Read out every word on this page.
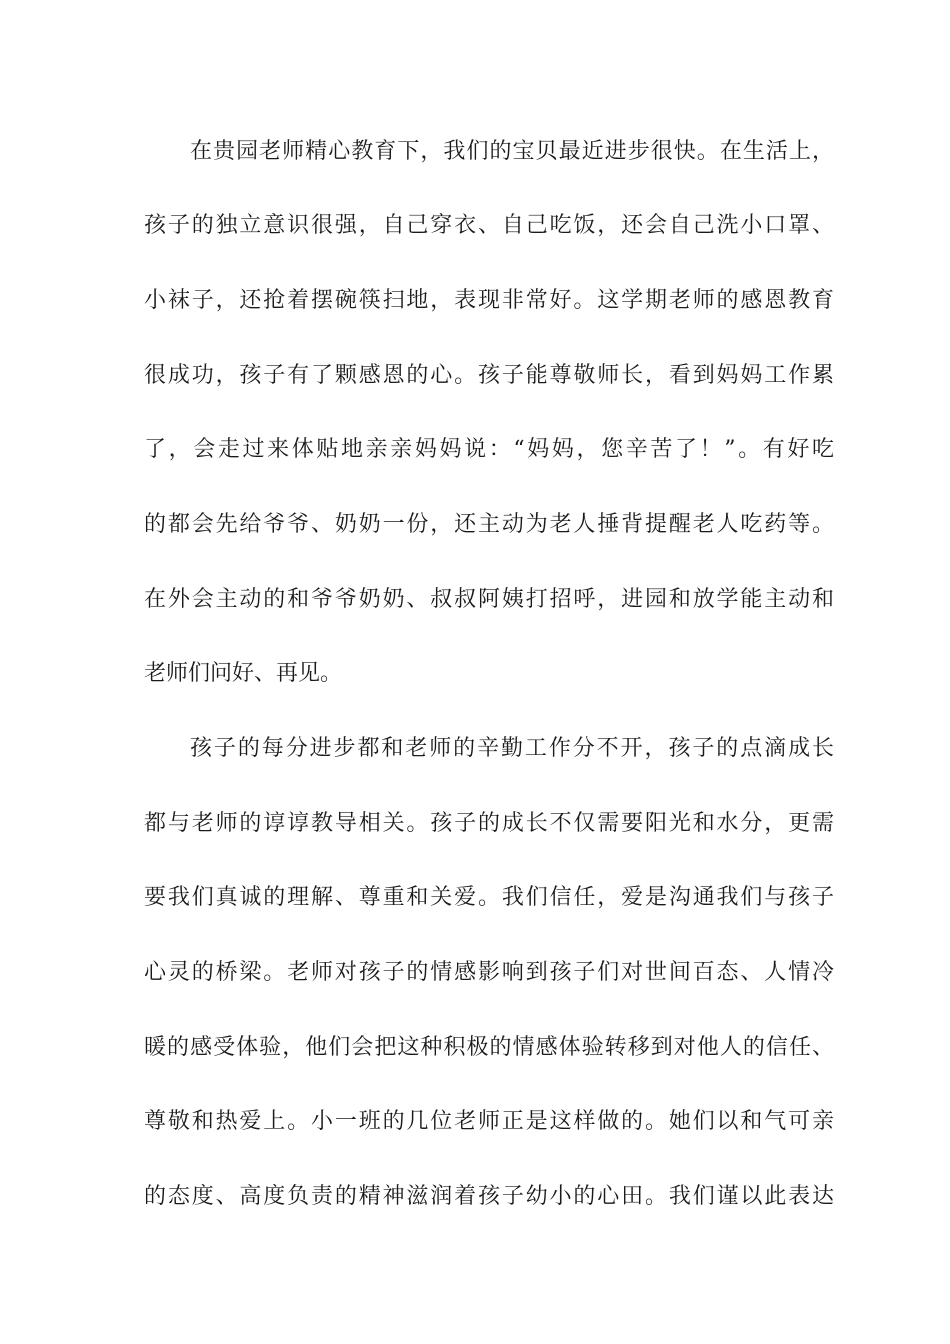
在贵园老师精心教育下，我们的宝贝最近进步很快。在生活上，
孩子的独立意识很强，自己穿衣、自己吃饭，还会自己洗小口罩、
小袜子，还抢着摆碗筷扫地，表现非常好。这学期老师的感恩教育
很成功，孩子有了颗感恩的心。孩子能尊敬师长，看到妈妈工作累
了，会走过来体贴地亲亲妈妈说：“妈妈，您辛苦了！”。有好吃
的都会先给爷爷、奶奶一份，还主动为老人捶背提醒老人吃药等。
在外会主动的和爷爷奶奶、叔叔阿姨打招呼，进园和放学能主动和
老师们问好、再见。
孩子的每分进步都和老师的辛勤工作分不开，孩子的点滴成长
都与老师的谆谆教导相关。孩子的成长不仅需要阳光和水分，更需
要我们真诚的理解、尊重和关爱。我们信任，爱是沟通我们与孩子
心灵的桥梁。老师对孩子的情感影响到孩子们对世间百态、人情冷
暖的感受体验，他们会把这种积极的情感体验转移到对他人的信任、
尊敬和热爱上。小一班的几位老师正是这样做的。她们以和气可亲
的态度、高度负责的精神滋润着孩子幼小的心田。我们谨以此表达
